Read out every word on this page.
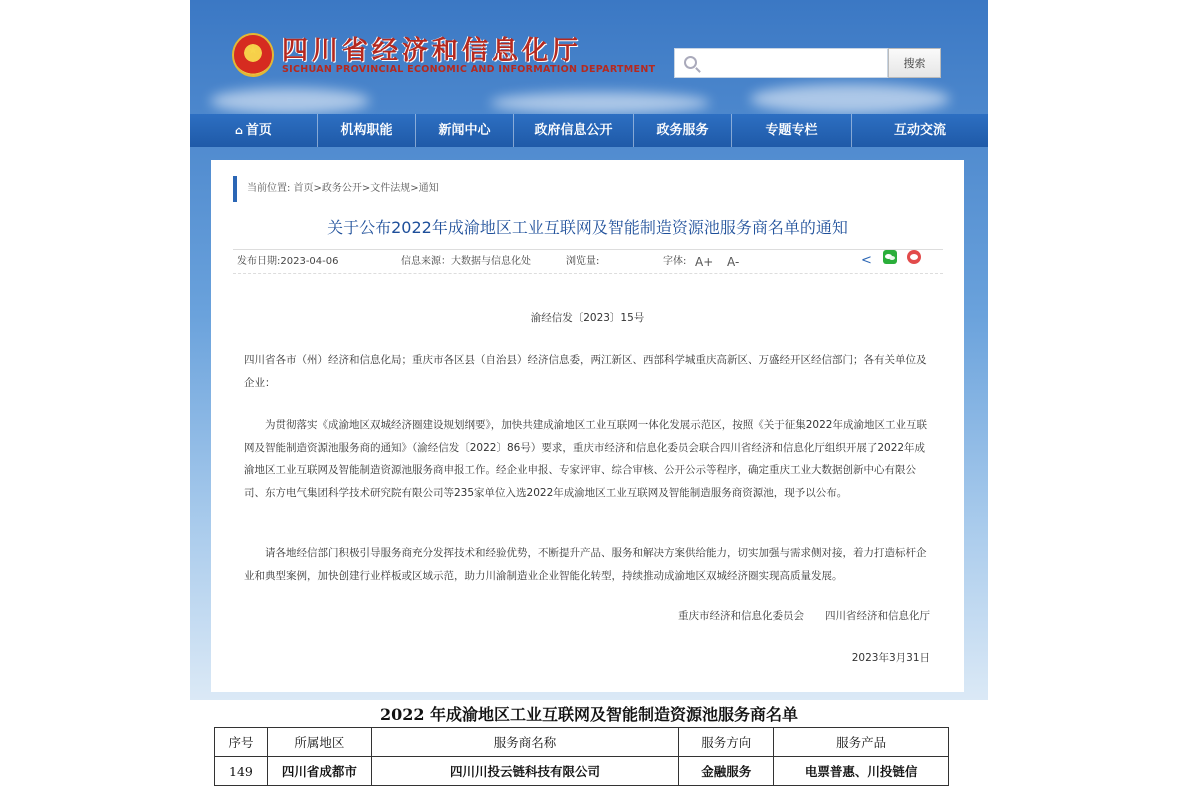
★ 四川省经济和信息化厅
SICHUAN PROVINCIAL ECONOMIC AND INFORMATION DEPARTMENT	搜索
⌂ 首页	机构职能	新闻中心	政府信息公开	政务服务	专题专栏	互动交流
当前位置: 首页>政务公开>文件法规>通知
关于公布2022年成渝地区工业互联网及智能制造资源池服务商名单的通知
发布日期:2023-04-06	信息来源：大数据与信息化处	浏览量:	字体: A+ A-	<
渝经信发〔2023〕15号
四川省各市（州）经济和信息化局；重庆市各区县（自治县）经济信息委，两江新区、西部科学城重庆高新区、万盛经开区经信部门；各有关单位及企业：
为贯彻落实《成渝地区双城经济圈建设规划纲要》，加快共建成渝地区工业互联网一体化发展示范区，按照《关于征集2022年成渝地区工业互联网及智能制造资源池服务商的通知》（渝经信发〔2022〕86号）要求，重庆市经济和信息化委员会联合四川省经济和信息化厅组织开展了2022年成渝地区工业互联网及智能制造资源池服务商申报工作。经企业申报、专家评审、综合审核、公开公示等程序，确定重庆工业大数据创新中心有限公司、东方电气集团科学技术研究院有限公司等235家单位入选2022年成渝地区工业互联网及智能制造服务商资源池，现予以公布。
请各地经信部门积极引导服务商充分发挥技术和经验优势，不断提升产品、服务和解决方案供给能力，切实加强与需求侧对接，着力打造标杆企业和典型案例，加快创建行业样板或区域示范，助力川渝制造业企业智能化转型，持续推动成渝地区双城经济圈实现高质量发展。
重庆市经济和信息化委员会　　四川省经济和信息化厅
2023年3月31日
2022 年成渝地区工业互联网及智能制造资源池服务商名单
序号	所属地区	服务商名称	服务方向	服务产品
149	四川省成都市	四川川投云链科技有限公司	金融服务	电票普惠、川投链信
